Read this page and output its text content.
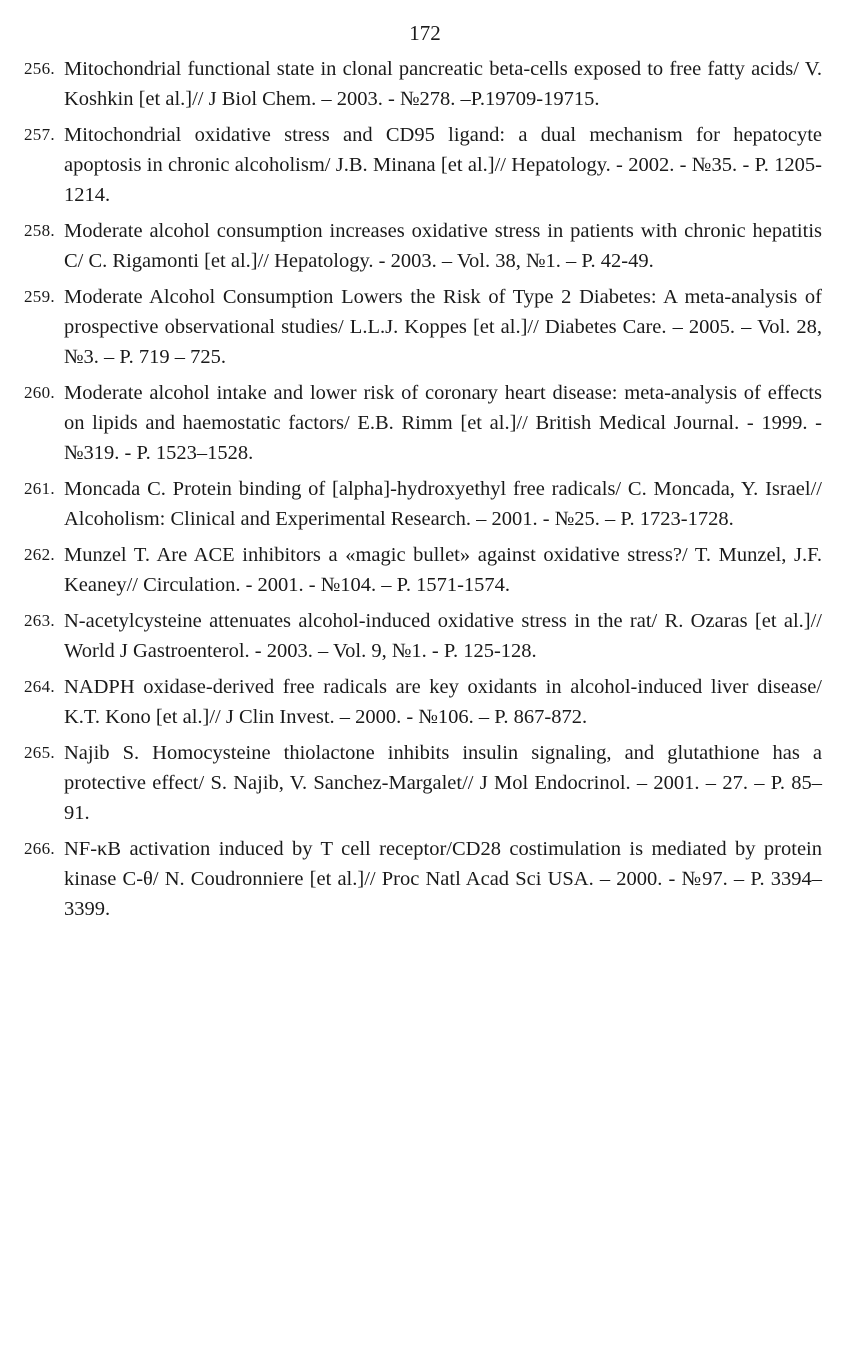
172
256. Mitochondrial functional state in clonal pancreatic beta-cells exposed to free fatty acids/ V. Koshkin [et al.]// J Biol Chem. – 2003. - №278. –P.19709-19715.
257. Mitochondrial oxidative stress and CD95 ligand: a dual mechanism for hepatocyte apoptosis in chronic alcoholism/ J.B. Minana [et al.]// Hepatology. - 2002. - №35. - P. 1205-1214.
258. Moderate alcohol consumption increases oxidative stress in patients with chronic hepatitis C/ C. Rigamonti [et al.]// Hepatology. - 2003. – Vol. 38, №1. – P. 42-49.
259. Moderate Alcohol Consumption Lowers the Risk of Type 2 Diabetes: A meta-analysis of prospective observational studies/ L.L.J. Koppes [et al.]// Diabetes Care. – 2005. – Vol. 28, №3. – P. 719 – 725.
260. Moderate alcohol intake and lower risk of coronary heart disease: meta-analysis of effects on lipids and haemostatic factors/ E.B. Rimm [et al.]// British Medical Journal. - 1999. - №319. - P. 1523–1528.
261. Moncada C. Protein binding of [alpha]-hydroxyethyl free radicals/ C. Moncada, Y. Israel// Alcoholism: Clinical and Experimental Research. – 2001. - №25. – P. 1723-1728.
262. Munzel T. Are ACE inhibitors a «magic bullet» against oxidative stress?/ T. Munzel, J.F. Keaney// Circulation. - 2001. - №104. – P. 1571-1574.
263. N-acetylcysteine attenuates alcohol-induced oxidative stress in the rat/ R. Ozaras [et al.]// World J Gastroenterol. - 2003. – Vol. 9, №1. - P. 125-128.
264. NADPH oxidase-derived free radicals are key oxidants in alcohol-induced liver disease/ K.T. Kono [et al.]// J Clin Invest. – 2000. - №106. – P. 867-872.
265. Najib S. Homocysteine thiolactone inhibits insulin signaling, and glutathione has a protective effect/ S. Najib, V. Sanchez-Margalet// J Mol Endocrinol. – 2001. – 27. – P. 85–91.
266. NF-κB activation induced by T cell receptor/CD28 costimulation is mediated by protein kinase C-θ/ N. Coudronniere [et al.]// Proc Natl Acad Sci USA. – 2000. - №97. – P. 3394–3399.
